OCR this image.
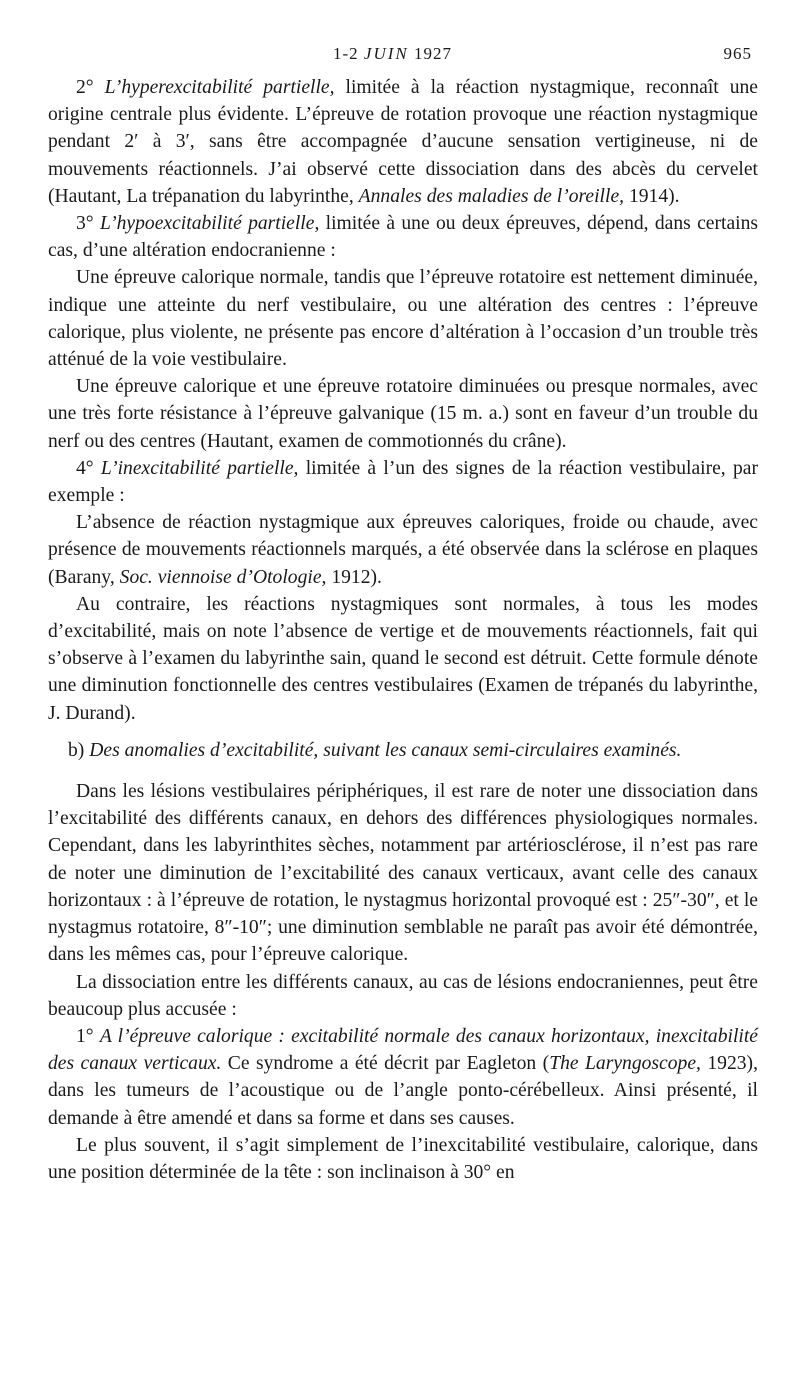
1-2 JUIN 1927	965

2° L’hyperexcitabilité partielle, limitée à la réaction nystagmique, reconnaît une origine centrale plus évidente. L’épreuve de rotation provoque une réaction nystagmique pendant 2′ à 3′, sans être accompagnée d’aucune sensation vertigineuse, ni de mouvements réactionnels. J’ai observé cette dissociation dans des abcès du cervelet (Hautant, La trépanation du labyrinthe, Annales des maladies de l’oreille, 1914).

3° L’hypoexcitabilité partielle, limitée à une ou deux épreuves, dépend, dans certains cas, d’une altération endocranienne :

Une épreuve calorique normale, tandis que l’épreuve rotatoire est nettement diminuée, indique une atteinte du nerf vestibulaire, ou une altération des centres : l’épreuve calorique, plus violente, ne présente pas encore d’altération à l’occasion d’un trouble très atténué de la voie vestibulaire.

Une épreuve calorique et une épreuve rotatoire diminuées ou presque normales, avec une très forte résistance à l’épreuve galvanique (15 m. a.) sont en faveur d’un trouble du nerf ou des centres (Hautant, examen de commotionnés du crâne).

4° L’inexcitabilité partielle, limitée à l’un des signes de la réaction vestibulaire, par exemple :

L’absence de réaction nystagmique aux épreuves caloriques, froide ou chaude, avec présence de mouvements réactionnels marqués, a été observée dans la sclérose en plaques (Barany, Soc. viennoise d’Otologie, 1912).

Au contraire, les réactions nystagmiques sont normales, à tous les modes d’excitabilité, mais on note l’absence de vertige et de mouvements réactionnels, fait qui s’observe à l’examen du labyrinthe sain, quand le second est détruit. Cette formule dénote une diminution fonctionnelle des centres vestibulaires (Examen de trépanés du labyrinthe, J. Durand).

b) Des anomalies d’excitabilité, suivant les canaux semi-circulaires examinés.

Dans les lésions vestibulaires périphériques, il est rare de noter une dissociation dans l’excitabilité des différents canaux, en dehors des différences physiologiques normales. Cependant, dans les labyrinthites sèches, notamment par artériosclérose, il n’est pas rare de noter une diminution de l’excitabilité des canaux verticaux, avant celle des canaux horizontaux : à l’épreuve de rotation, le nystagmus horizontal provoqué est : 25″-30″, et le nystagmus rotatoire, 8″-10″; une diminution semblable ne paraît pas avoir été démontrée, dans les mêmes cas, pour l’épreuve calorique.

La dissociation entre les différents canaux, au cas de lésions endocraniennes, peut être beaucoup plus accusée :

1° A l’épreuve calorique : excitabilité normale des canaux horizontaux, inexcitabilité des canaux verticaux. Ce syndrome a été décrit par Eagleton (The Laryngoscope, 1923), dans les tumeurs de l’acoustique ou de l’angle ponto-cérébelleux. Ainsi présenté, il demande à être amendé et dans sa forme et dans ses causes.

Le plus souvent, il s’agit simplement de l’inexcitabilité vestibulaire, calorique, dans une position déterminée de la tête : son inclinaison à 30° en
